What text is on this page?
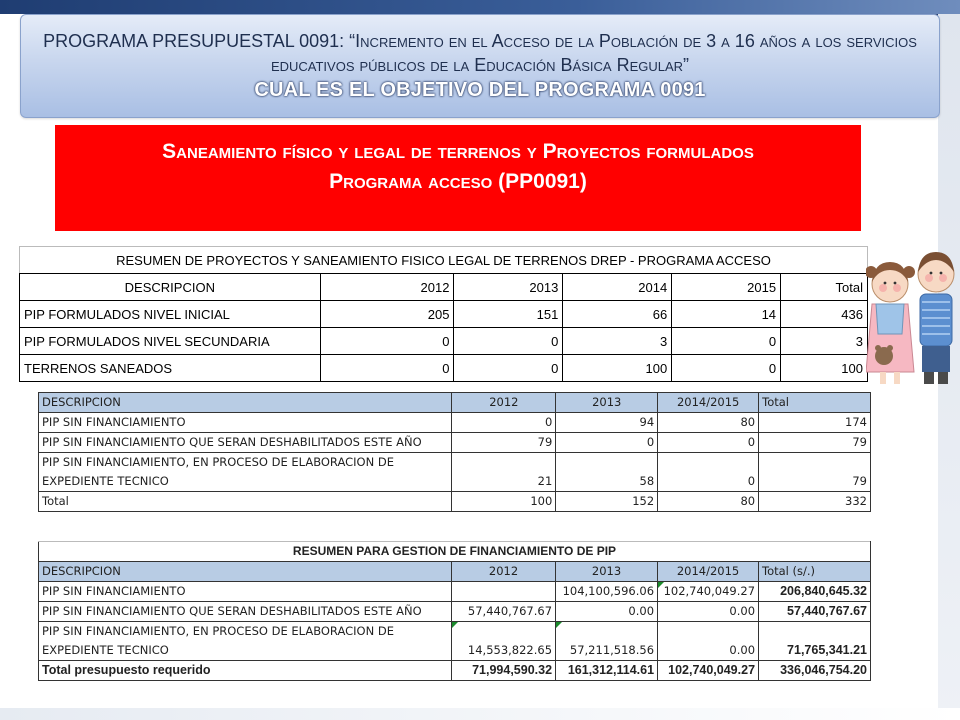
PROGRAMA PRESUPUESTAL 0091: “Incremento en el Acceso de la Población de 3 a 16 años a los servicios educativos públicos de la Educación Básica Regular”
CUAL ES EL OBJETIVO DEL PROGRAMA 0091
Saneamiento físico y legal de terrenos y Proyectos formulados
Programa acceso (PP0091)
RESUMEN DE PROYECTOS Y SANEAMIENTO FISICO LEGAL DE TERRENOS DREP - PROGRAMA ACCESO					
DESCRIPCION	2012	2013	2014	2015	Total
PIP FORMULADOS NIVEL INICIAL	205	151	66	14	436
PIP FORMULADOS NIVEL SECUNDARIA	0	0	3	0	3
TERRENOS SANEADOS	0	0	100	0	100
DESCRIPCION	2012	2013	2014/2015	Total
PIP SIN FINANCIAMIENTO	0	94	80	174
PIP SIN FINANCIAMIENTO QUE SERAN DESHABILITADOS ESTE AÑO	79	0	0	79
PIP SIN FINANCIAMIENTO, EN PROCESO DE ELABORACION DE EXPEDIENTE TECNICO	21	58	0	79
Total	100	152	80	332
RESUMEN PARA GESTION DE FINANCIAMIENTO DE PIP				
DESCRIPCION	2012	2013	2014/2015	Total (s/.)
PIP SIN FINANCIAMIENTO		104,100,596.06	102,740,049.27	206,840,645.32
PIP SIN FINANCIAMIENTO QUE SERAN DESHABILITADOS ESTE AÑO	57,440,767.67	0.00	0.00	57,440,767.67
PIP SIN FINANCIAMIENTO, EN PROCESO DE ELABORACION DE EXPEDIENTE TECNICO	14,553,822.65	57,211,518.56	0.00	71,765,341.21
Total presupuesto requerido	71,994,590.32	161,312,114.61	102,740,049.27	336,046,754.20
